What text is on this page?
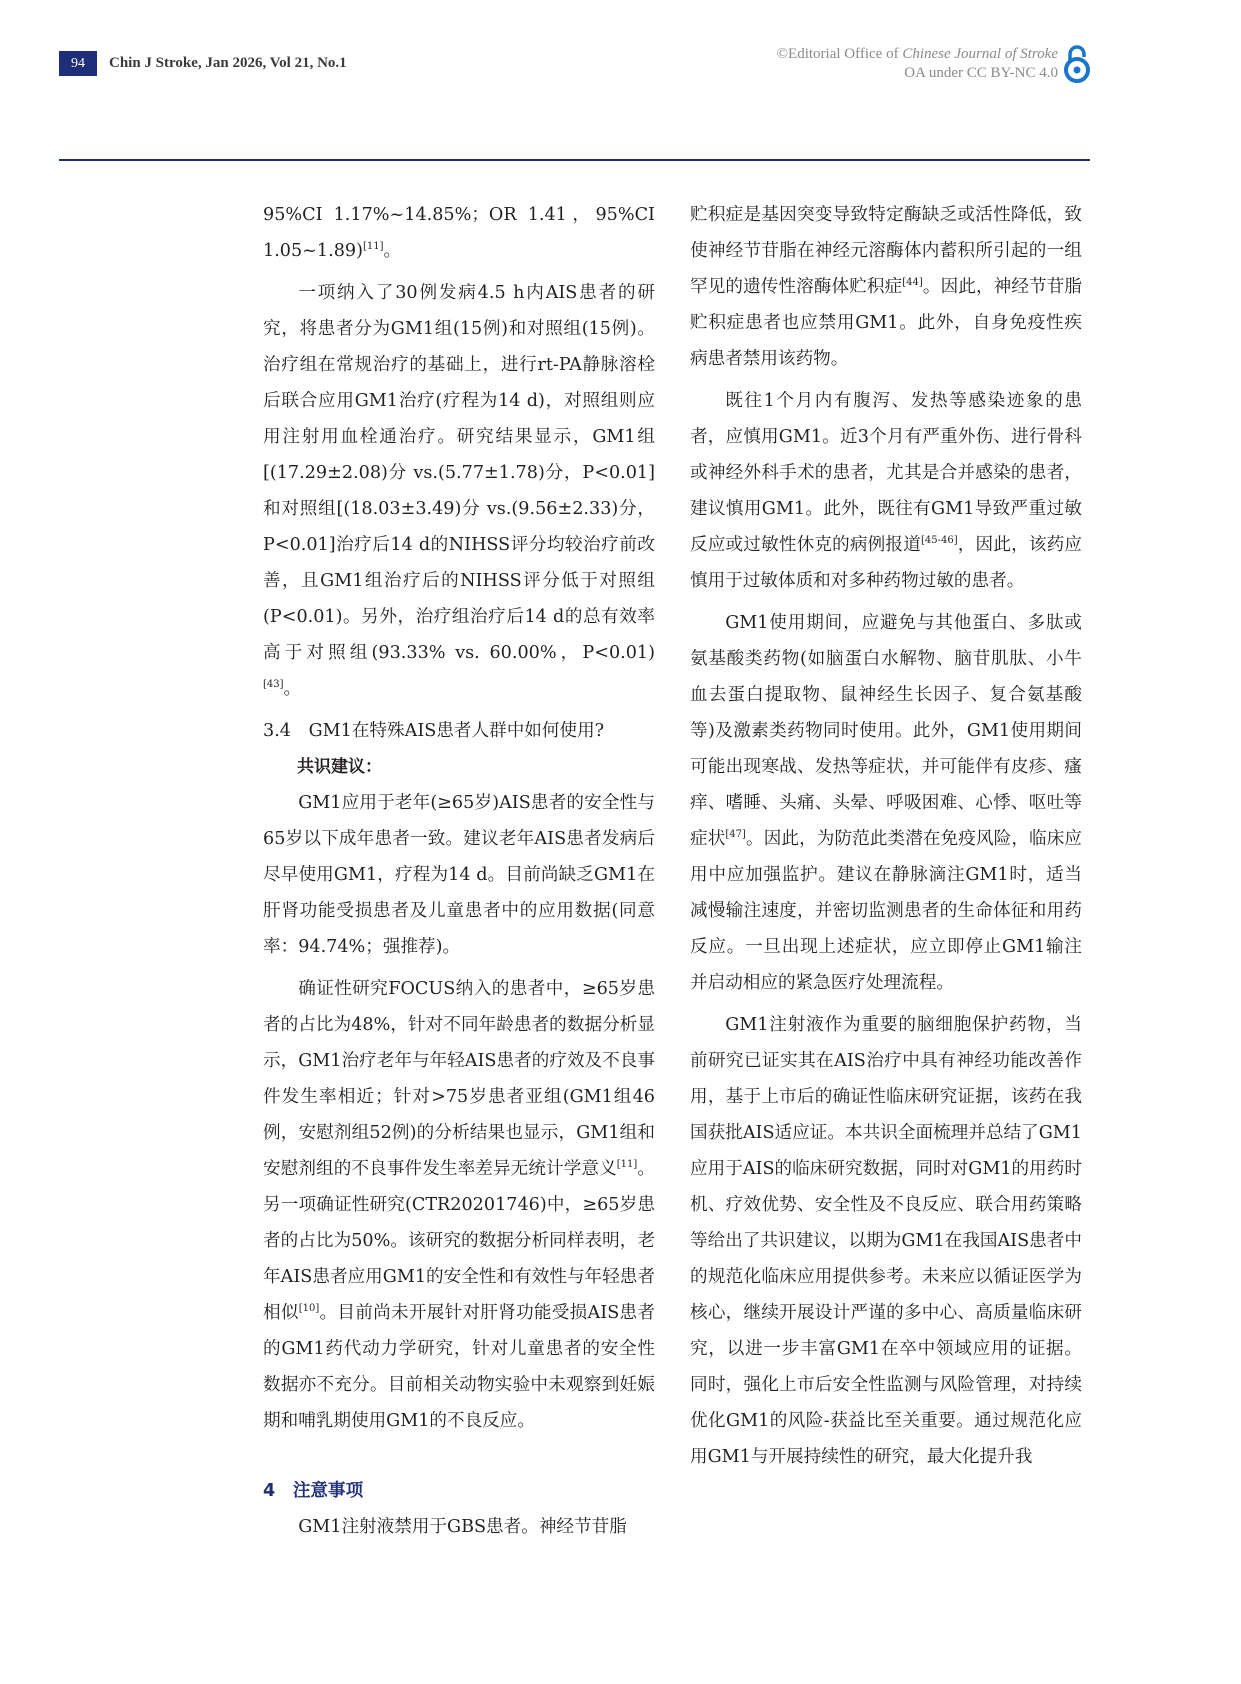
94	Chin J Stroke, Jan 2026, Vol 21, No.1
©Editorial Office of Chinese Journal of Stroke
OA under CC BY-NC 4.0

95%CI 1.17%~14.85%；OR 1.41，95%CI 1.05~1.89)[11]。

一项纳入了30例发病4.5 h内AIS患者的研究，将患者分为GM1组(15例)和对照组(15例)。治疗组在常规治疗的基础上，进行rt-PA静脉溶栓后联合应用GM1治疗(疗程为14 d)，对照组则应用注射用血栓通治疗。研究结果显示，GM1组[(17.29±2.08)分 vs.(5.77±1.78)分，P<0.01]和对照组[(18.03±3.49)分 vs.(9.56±2.33)分，P<0.01]治疗后14 d的NIHSS评分均较治疗前改善，且GM1组治疗后的NIHSS评分低于对照组(P<0.01)。另外，治疗组治疗后14 d的总有效率高于对照组(93.33% vs. 60.00%，P<0.01)[43]。

3.4　GM1在特殊AIS患者人群中如何使用?

共识建议：

GM1应用于老年(≥65岁)AIS患者的安全性与65岁以下成年患者一致。建议老年AIS患者发病后尽早使用GM1，疗程为14 d。目前尚缺乏GM1在肝肾功能受损患者及儿童患者中的应用数据(同意率：94.74%；强推荐)。

确证性研究FOCUS纳入的患者中，≥65岁患者的占比为48%，针对不同年龄患者的数据分析显示，GM1治疗老年与年轻AIS患者的疗效及不良事件发生率相近；针对>75岁患者亚组(GM1组46例，安慰剂组52例)的分析结果也显示，GM1组和安慰剂组的不良事件发生率差异无统计学意义[11]。另一项确证性研究(CTR20201746)中，≥65岁患者的占比为50%。该研究的数据分析同样表明，老年AIS患者应用GM1的安全性和有效性与年轻患者相似[10]。目前尚未开展针对肝肾功能受损AIS患者的GM1药代动力学研究，针对儿童患者的安全性数据亦不充分。目前相关动物实验中未观察到妊娠期和哺乳期使用GM1的不良反应。

4　注意事项

GM1注射液禁用于GBS患者。神经节苷脂

贮积症是基因突变导致特定酶缺乏或活性降低，致使神经节苷脂在神经元溶酶体内蓄积所引起的一组罕见的遗传性溶酶体贮积症[44]。因此，神经节苷脂贮积症患者也应禁用GM1。此外，自身免疫性疾病患者禁用该药物。

既往1个月内有腹泻、发热等感染迹象的患者，应慎用GM1。近3个月有严重外伤、进行骨科或神经外科手术的患者，尤其是合并感染的患者，建议慎用GM1。此外，既往有GM1导致严重过敏反应或过敏性休克的病例报道[45-46]，因此，该药应慎用于过敏体质和对多种药物过敏的患者。

GM1使用期间，应避免与其他蛋白、多肽或氨基酸类药物(如脑蛋白水解物、脑苷肌肽、小牛血去蛋白提取物、鼠神经生长因子、复合氨基酸等)及激素类药物同时使用。此外，GM1使用期间可能出现寒战、发热等症状，并可能伴有皮疹、瘙痒、嗜睡、头痛、头晕、呼吸困难、心悸、呕吐等症状[47]。因此，为防范此类潜在免疫风险，临床应用中应加强监护。建议在静脉滴注GM1时，适当减慢输注速度，并密切监测患者的生命体征和用药反应。一旦出现上述症状，应立即停止GM1输注并启动相应的紧急医疗处理流程。

GM1注射液作为重要的脑细胞保护药物，当前研究已证实其在AIS治疗中具有神经功能改善作用，基于上市后的确证性临床研究证据，该药在我国获批AIS适应证。本共识全面梳理并总结了GM1应用于AIS的临床研究数据，同时对GM1的用药时机、疗效优势、安全性及不良反应、联合用药策略等给出了共识建议，以期为GM1在我国AIS患者中的规范化临床应用提供参考。未来应以循证医学为核心，继续开展设计严谨的多中心、高质量临床研究，以进一步丰富GM1在卒中领域应用的证据。同时，强化上市后安全性监测与风险管理，对持续优化GM1的风险-获益比至关重要。通过规范化应用GM1与开展持续性的研究，最大化提升我
